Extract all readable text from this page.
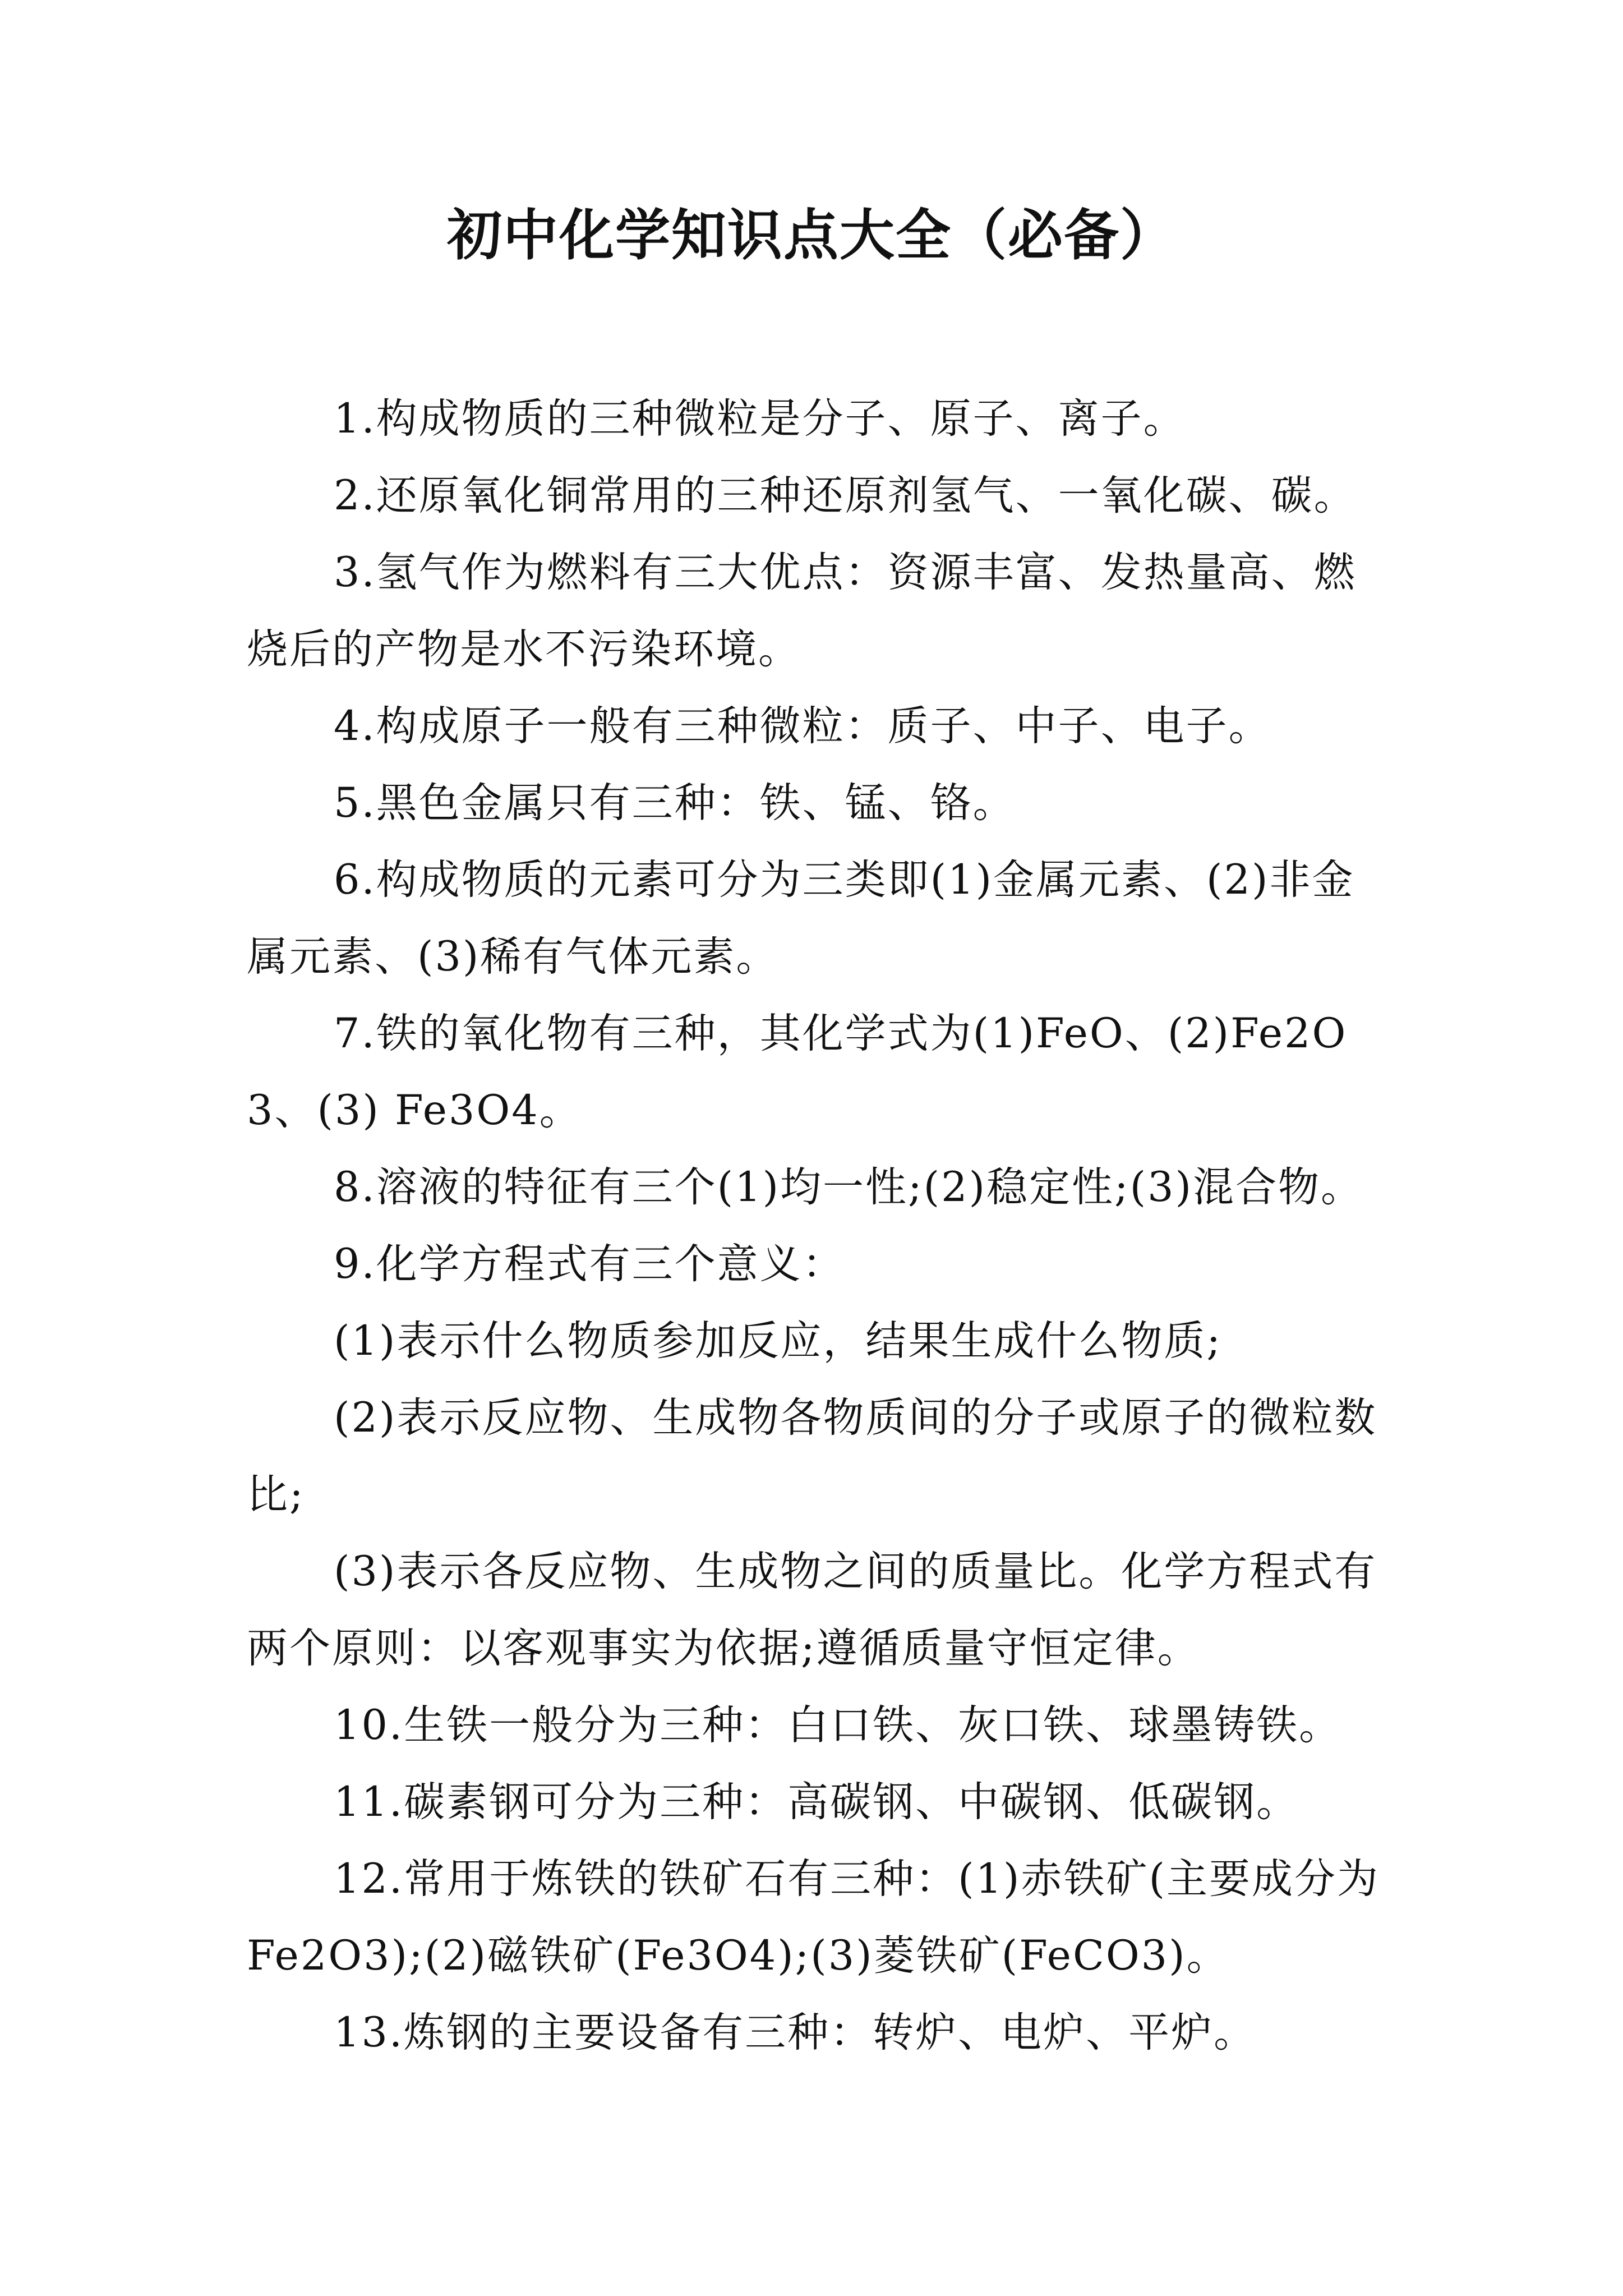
初中化学知识点大全（必备）

1.构成物质的三种微粒是分子、原子、离子。

2.还原氧化铜常用的三种还原剂氢气、一氧化碳、碳。

3.氢气作为燃料有三大优点：资源丰富、发热量高、燃烧后的产物是水不污染环境。

4.构成原子一般有三种微粒：质子、中子、电子。

5.黑色金属只有三种：铁、锰、铬。

6.构成物质的元素可分为三类即(1)金属元素、(2)非金属元素、(3)稀有气体元素。

7.铁的氧化物有三种，其化学式为(1)FeO、(2)Fe2O3、(3) Fe3O4。

8.溶液的特征有三个(1)均一性;(2)稳定性;(3)混合物。

9.化学方程式有三个意义：

(1)表示什么物质参加反应，结果生成什么物质;

(2)表示反应物、生成物各物质间的分子或原子的微粒数比;

(3)表示各反应物、生成物之间的质量比。化学方程式有两个原则：以客观事实为依据;遵循质量守恒定律。

10.生铁一般分为三种：白口铁、灰口铁、球墨铸铁。

11.碳素钢可分为三种：高碳钢、中碳钢、低碳钢。

12.常用于炼铁的铁矿石有三种：(1)赤铁矿(主要成分为Fe2O3);(2)磁铁矿(Fe3O4);(3)菱铁矿(FeCO3)。

13.炼钢的主要设备有三种：转炉、电炉、平炉。
